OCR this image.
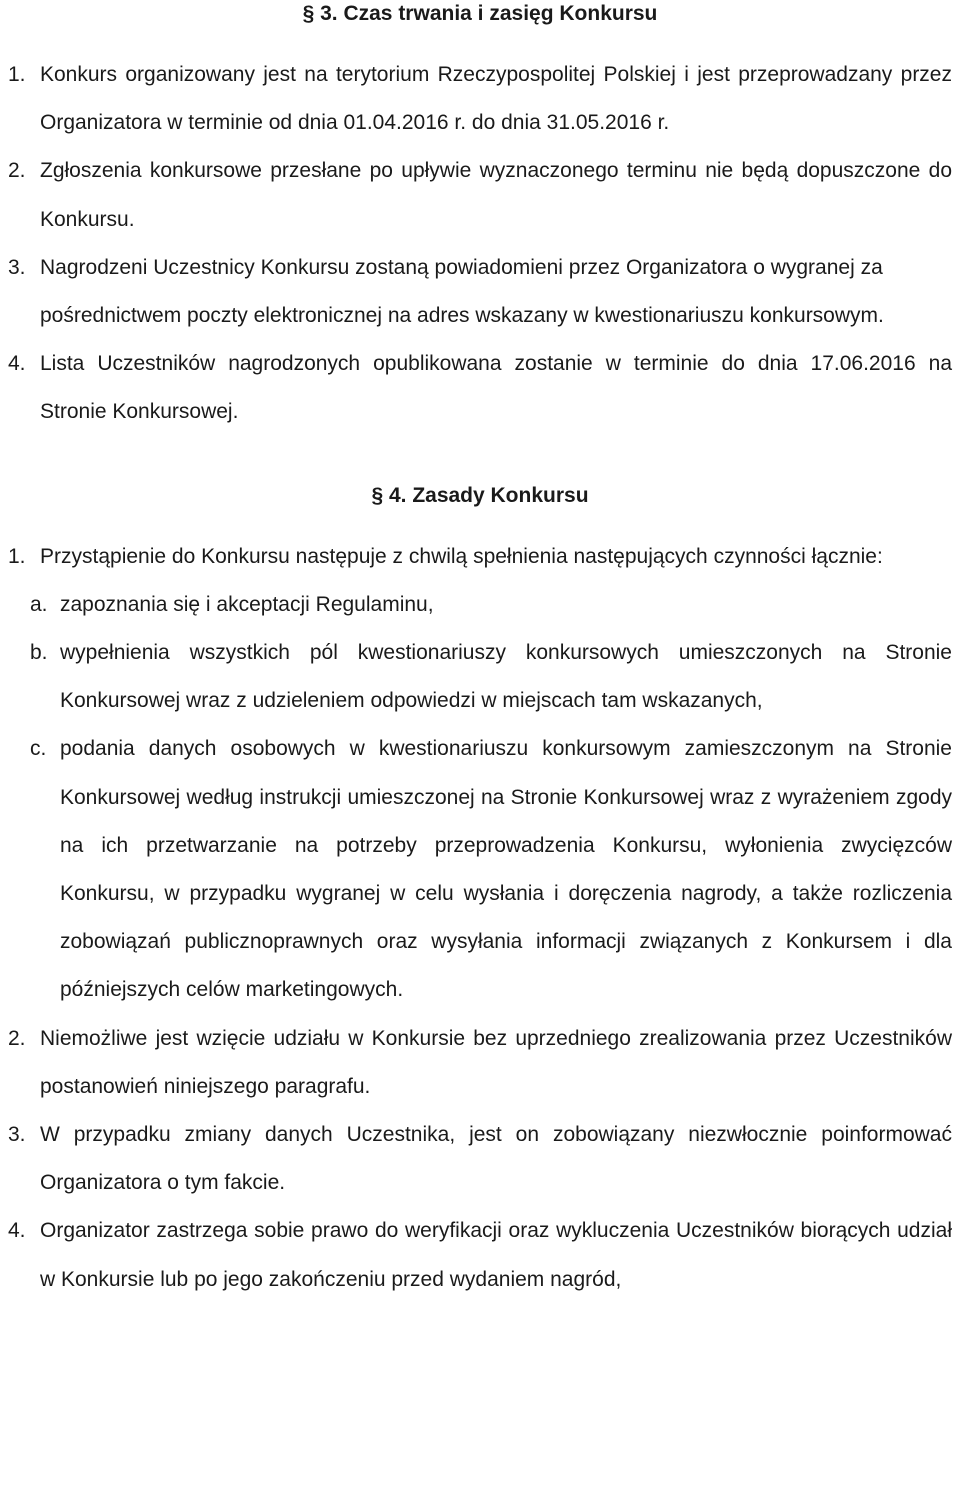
§ 3. Czas trwania i zasięg Konkursu
1. Konkurs organizowany jest na terytorium Rzeczypospolitej Polskiej i jest przeprowadzany przez Organizatora w terminie od dnia 01.04.2016 r. do dnia 31.05.2016 r.
2. Zgłoszenia konkursowe przesłane po upływie wyznaczonego terminu nie będą dopuszczone do Konkursu.
3. Nagrodzeni Uczestnicy Konkursu zostaną powiadomieni przez Organizatora o wygranej za pośrednictwem poczty elektronicznej na adres wskazany w kwestionariuszu konkursowym.
4. Lista Uczestników nagrodzonych opublikowana zostanie w terminie do dnia 17.06.2016 na Stronie Konkursowej.
§ 4. Zasady Konkursu
1. Przystąpienie do Konkursu następuje z chwilą spełnienia następujących czynności łącznie:
a. zapoznania się i akceptacji Regulaminu,
b. wypełnienia wszystkich pól kwestionariuszy konkursowych umieszczonych na Stronie Konkursowej wraz z udzieleniem odpowiedzi w miejscach tam wskazanych,
c. podania danych osobowych w kwestionariuszu konkursowym zamieszczonym na Stronie Konkursowej według instrukcji umieszczonej na Stronie Konkursowej wraz z wyrażeniem zgody na ich przetwarzanie na potrzeby przeprowadzenia Konkursu, wyłonienia zwycięzców Konkursu, w przypadku wygranej w celu wysłania i doręczenia nagrody, a także rozliczenia zobowiązań publicznoprawnych oraz wysyłania informacji związanych z Konkursem i dla późniejszych celów marketingowych.
2. Niemożliwe jest wzięcie udziału w Konkursie bez uprzedniego zrealizowania przez Uczestników postanowień niniejszego paragrafu.
3. W przypadku zmiany danych Uczestnika, jest on zobowiązany niezwłocznie poinformować Organizatora o tym fakcie.
4. Organizator zastrzega sobie prawo do weryfikacji oraz wykluczenia Uczestników biorących udział w Konkursie lub po jego zakończeniu przed wydaniem nagród,
